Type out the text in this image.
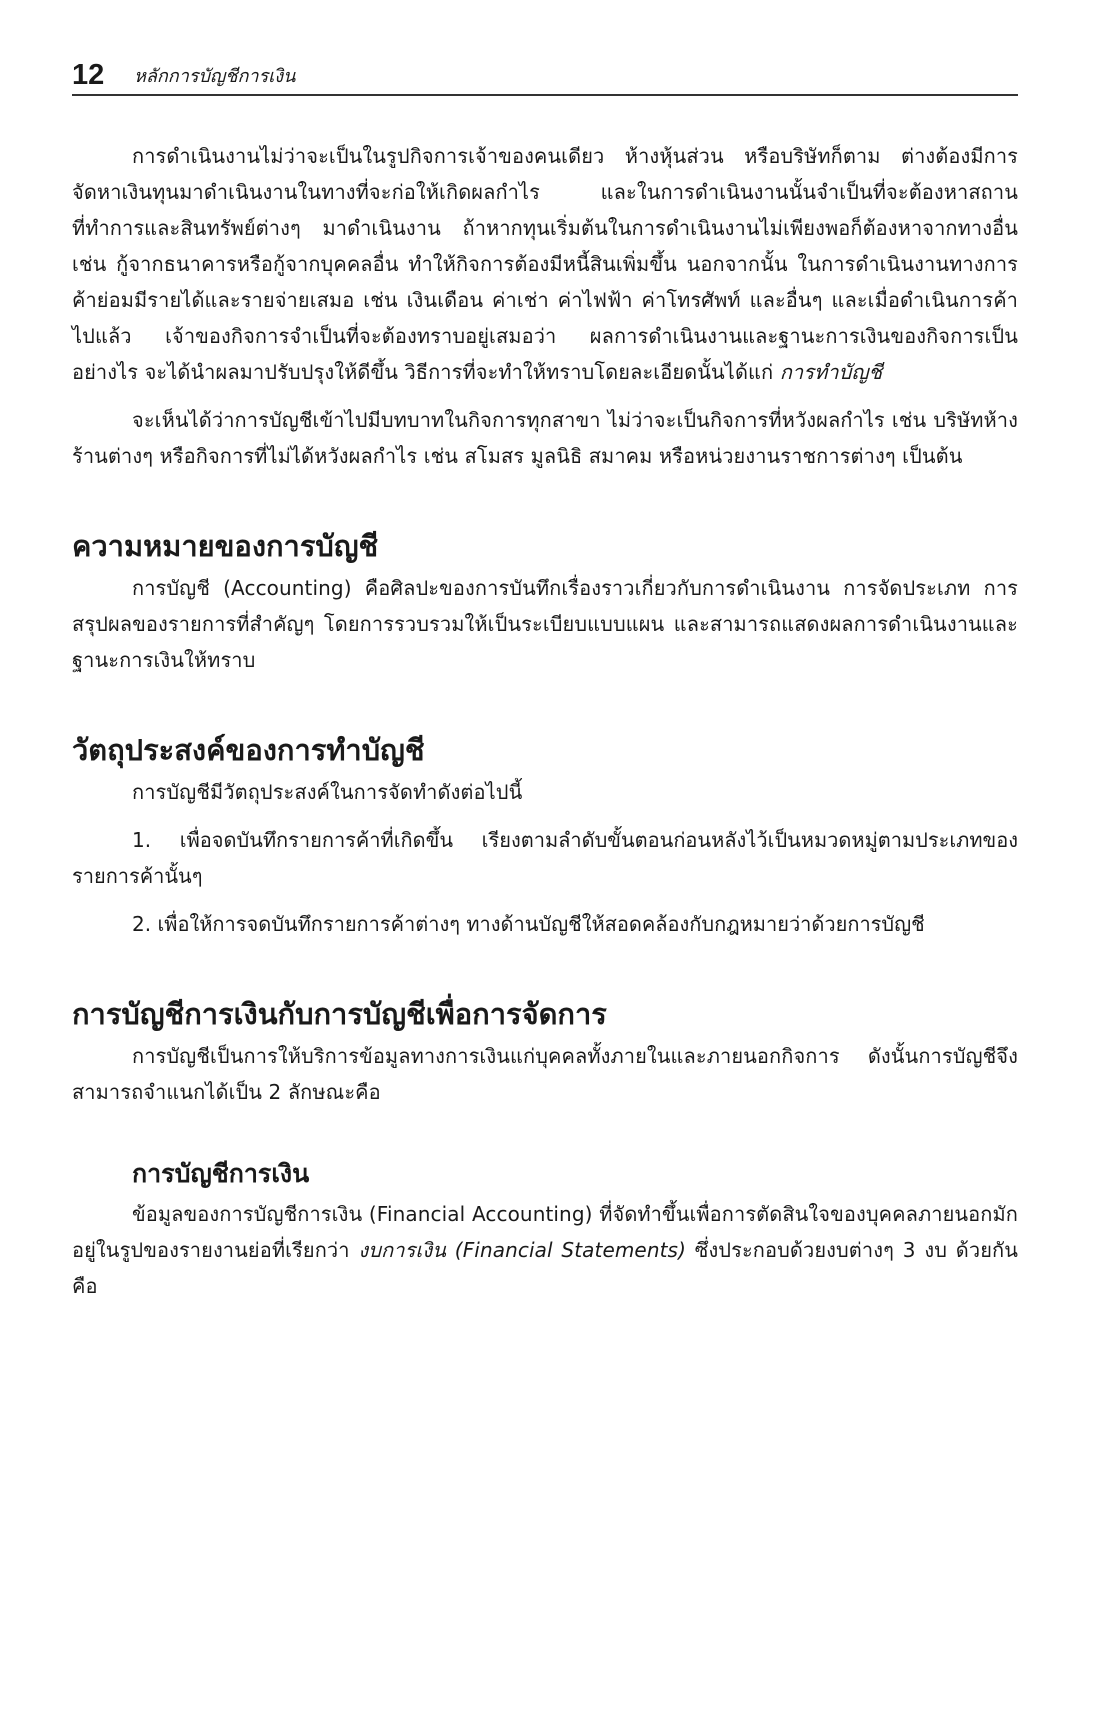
12 หลักการบัญชีการเงิน

การดำเนินงานไม่ว่าจะเป็นในรูปกิจการเจ้าของคนเดียว ห้างหุ้นส่วน หรือบริษัทก็ตาม ต่างต้องมีการจัดหาเงินทุนมาดำเนินงานในทางที่จะก่อให้เกิดผลกำไร และในการดำเนินงานนั้นจำเป็นที่จะต้องหาสถานที่ทำการและสินทรัพย์ต่างๆ มาดำเนินงาน ถ้าหากทุนเริ่มต้นในการดำเนินงานไม่เพียงพอก็ต้องหาจากทางอื่น เช่น กู้จากธนาคารหรือกู้จากบุคคลอื่น ทำให้กิจการต้องมีหนี้สินเพิ่มขึ้น นอกจากนั้น ในการดำเนินงานทางการค้าย่อมมีรายได้และรายจ่ายเสมอ เช่น เงินเดือน ค่าเช่า ค่าไฟฟ้า ค่าโทรศัพท์ และอื่นๆ และเมื่อดำเนินการค้าไปแล้ว เจ้าของกิจการจำเป็นที่จะต้องทราบอยู่เสมอว่า ผลการดำเนินงานและฐานะการเงินของกิจการเป็นอย่างไร จะได้นำผลมาปรับปรุงให้ดีขึ้น วิธีการที่จะทำให้ทราบโดยละเอียดนั้นได้แก่ การทำบัญชี

จะเห็นได้ว่าการบัญชีเข้าไปมีบทบาทในกิจการทุกสาขา ไม่ว่าจะเป็นกิจการที่หวังผลกำไร เช่น บริษัทห้างร้านต่างๆ หรือกิจการที่ไม่ได้หวังผลกำไร เช่น สโมสร มูลนิธิ สมาคม หรือหน่วยงานราชการต่างๆ เป็นต้น

ความหมายของการบัญชี

การบัญชี (Accounting) คือศิลปะของการบันทึกเรื่องราวเกี่ยวกับการดำเนินงาน การจัดประเภท การสรุปผลของรายการที่สำคัญๆ โดยการรวบรวมให้เป็นระเบียบแบบแผน และสามารถแสดงผลการดำเนินงานและฐานะการเงินให้ทราบ

วัตถุประสงค์ของการทำบัญชี

การบัญชีมีวัตถุประสงค์ในการจัดทำดังต่อไปนี้

1. เพื่อจดบันทึกรายการค้าที่เกิดขึ้น เรียงตามลำดับขั้นตอนก่อนหลังไว้เป็นหมวดหมู่ตามประเภทของรายการค้านั้นๆ

2. เพื่อให้การจดบันทึกรายการค้าต่างๆ ทางด้านบัญชีให้สอดคล้องกับกฎหมายว่าด้วยการบัญชี

การบัญชีการเงินกับการบัญชีเพื่อการจัดการ

การบัญชีเป็นการให้บริการข้อมูลทางการเงินแก่บุคคลทั้งภายในและภายนอกกิจการ ดังนั้นการบัญชีจึงสามารถจำแนกได้เป็น 2 ลักษณะคือ

การบัญชีการเงิน

ข้อมูลของการบัญชีการเงิน (Financial Accounting) ที่จัดทำขึ้นเพื่อการตัดสินใจของบุคคลภายนอกมักอยู่ในรูปของรายงานย่อที่เรียกว่า งบการเงิน (Financial Statements) ซึ่งประกอบด้วยงบต่างๆ 3 งบ ด้วยกันคือ
